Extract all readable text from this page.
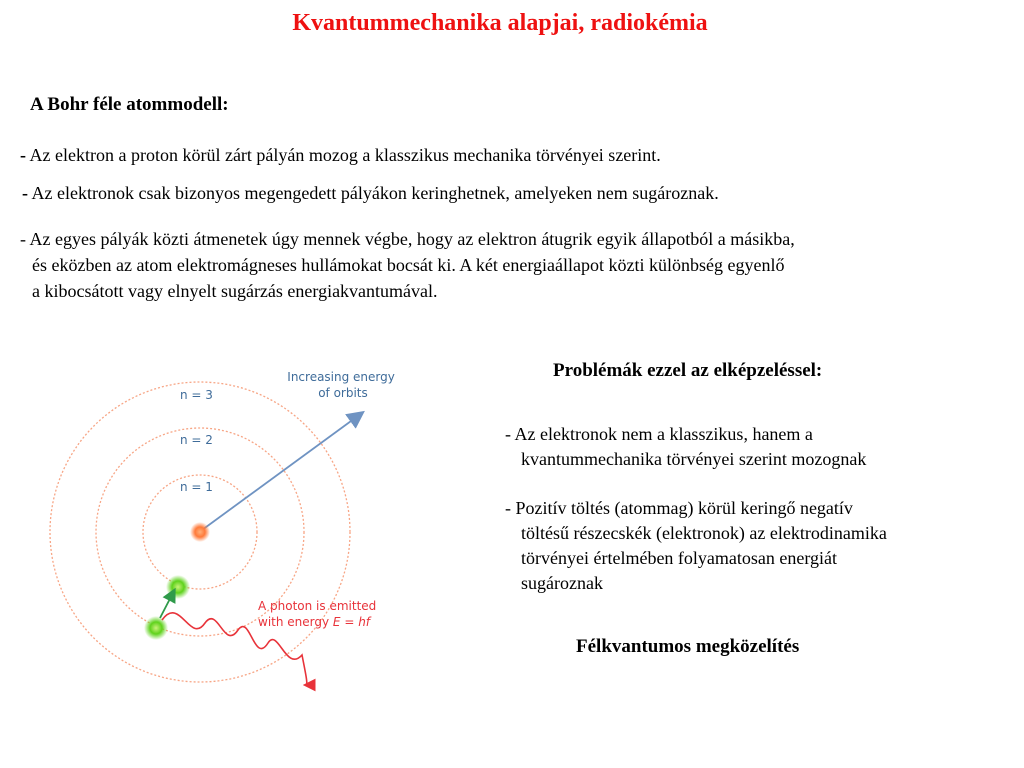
Kvantummechanika alapjai, radiokémia
A Bohr féle atommodell:
- Az elektron a proton körül zárt pályán mozog a klasszikus mechanika törvényei szerint.
- Az elektronok csak bizonyos megengedett pályákon keringhetnek, amelyeken nem sugároznak.
- Az egyes pályák közti átmenetek úgy mennek végbe, hogy az elektron átugrik egyik állapotból a másikba,
és eközben az atom elektromágneses hullámokat bocsát ki. A két energiaállapot közti különbség egyenlő
a kibocsátott vagy elnyelt sugárzás energiakvantumával.
n = 1
n = 2
n = 3
Increasing energy of orbits
A photon is emitted with energy E = hf
Problémák ezzel az elképzeléssel:
- Az elektronok nem a klasszikus, hanem a
kvantummechanika törvényei szerint mozognak
- Pozitív töltés (atommag) körül keringő negatív
töltésű részecskék (elektronok) az elektrodinamika
törvényei értelmében folyamatosan energiát
sugároznak
Félkvantumos megközelítés
